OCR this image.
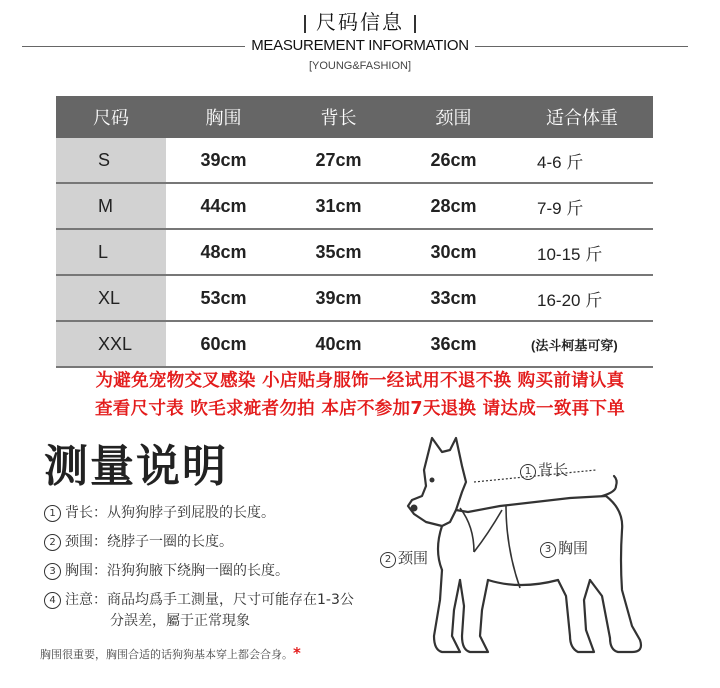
尺码信息
MEASUREMENT INFORMATION
[YOUNG&FASHION]
尺码	胸围	背长	颈围	适合体重
S	39cm	27cm	26cm	4-6 斤
M	44cm	31cm	28cm	7-9 斤
L	48cm	35cm	30cm	10-15 斤
XL	53cm	39cm	33cm	16-20 斤
XXL	60cm	40cm	36cm	(法斗柯基可穿)
为避免宠物交叉感染 小店贴身服饰一经试用不退不换 购买前请认真
查看尺寸表 吹毛求疵者勿拍 本店不参加7天退换 请达成一致再下单
测量说明
1 背长：从狗狗脖子到屁股的长度。
2 颈围：绕脖子一圈的长度。
3 胸围：沿狗狗腋下绕胸一圈的长度。
4 注意：商品均爲手工測量，尺寸可能存在1-3公
分誤差，屬于正常現象
胸围很重要，胸围合适的话狗狗基本穿上都会合身。*
1 背长
2 颈围	3 胸围
